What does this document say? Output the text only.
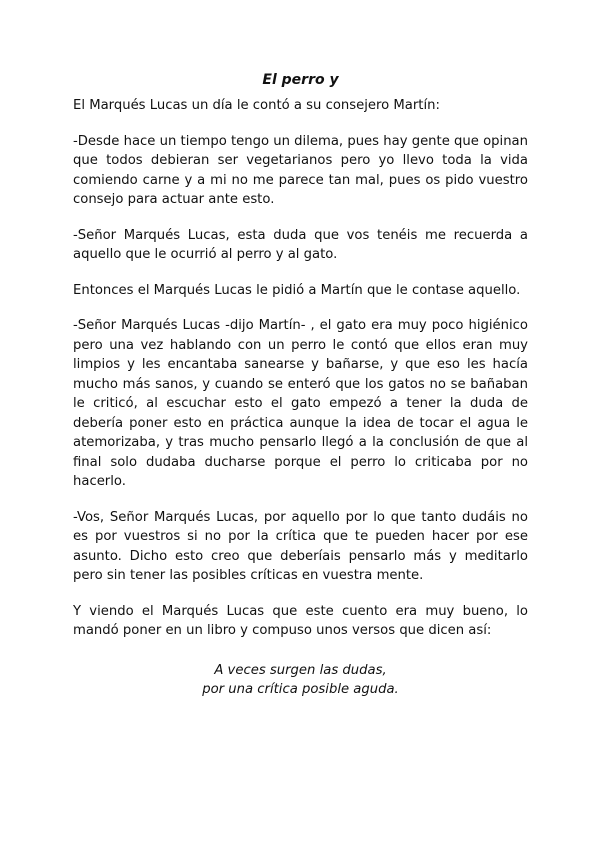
El perro y

El Marqués Lucas un día le contó a su consejero Martín:

-Desde hace un tiempo tengo un dilema, pues hay gente que opinan que todos debieran ser vegetarianos pero yo llevo toda la vida comiendo carne y a mi no me parece tan mal, pues os pido vuestro consejo para actuar ante esto.

-Señor Marqués Lucas, esta duda que vos tenéis me recuerda a aquello que le ocurrió al perro y al gato.

Entonces el Marqués Lucas le pidió a Martín que le contase aquello.

-Señor Marqués Lucas -dijo Martín- , el gato era muy poco higiénico pero una vez hablando con un perro le contó que ellos eran muy limpios y les encantaba sanearse y bañarse, y que eso les hacía mucho más sanos, y cuando se enteró que los gatos no se bañaban le criticó, al escuchar esto el gato empezó a tener la duda de debería poner esto en práctica aunque la idea de tocar el agua le atemorizaba, y tras mucho pensarlo llegó a la conclusión de que al final solo dudaba ducharse porque el perro lo criticaba por no hacerlo.

-Vos, Señor Marqués Lucas, por aquello por lo que tanto dudáis no es por vuestros si no por la crítica que te pueden hacer por ese asunto. Dicho esto creo que deberíais pensarlo más y meditarlo pero sin tener las posibles críticas en vuestra mente.

Y viendo el Marqués Lucas que este cuento era muy bueno, lo mandó poner en un libro y compuso unos versos que dicen así:

A veces surgen las dudas,
por una crítica posible aguda.
